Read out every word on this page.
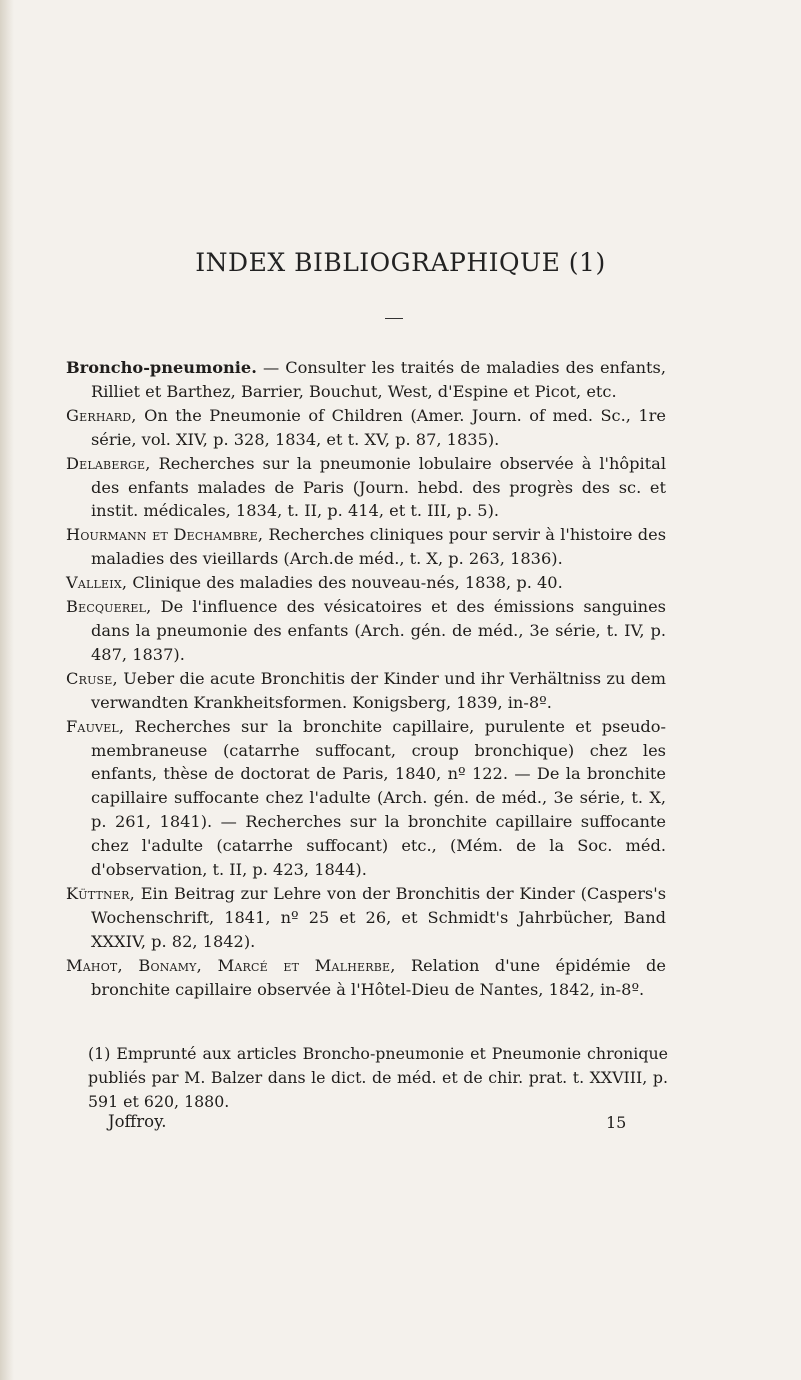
INDEX BIBLIOGRAPHIQUE (1)

Broncho-pneumonie. — Consulter les traités de maladies des enfants, Rilliet et Barthez, Barrier, Bouchut, West, d'Espine et Picot, etc.

Gerhard, On the Pneumonie of Children (Amer. Journ. of med. Sc., 1re série, vol. XIV, p. 328, 1834, et t. XV, p. 87, 1835).

Delaberge, Recherches sur la pneumonie lobulaire observée à l'hôpital des enfants malades de Paris (Journ. hebd. des progrès des sc. et instit. médicales, 1834, t. II, p. 414, et t. III, p. 5).

Hourmann et Dechambre, Recherches cliniques pour servir à l'histoire des maladies des vieillards (Arch.de méd., t. X, p. 263, 1836).

Valleix, Clinique des maladies des nouveau-nés, 1838, p. 40.

Becquerel, De l'influence des vésicatoires et des émissions sanguines dans la pneumonie des enfants (Arch. gén. de méd., 3e série, t. IV, p. 487, 1837).

Cruse, Ueber die acute Bronchitis der Kinder und ihr Verhältniss zu dem verwandten Krankheitsformen. Konigsberg, 1839, in-8º.

Fauvel, Recherches sur la bronchite capillaire, purulente et pseudo-membraneuse (catarrhe suffocant, croup bronchique) chez les enfants, thèse de doctorat de Paris, 1840, nº 122. — De la bronchite capillaire suffocante chez l'adulte (Arch. gén. de méd., 3e série, t. X, p. 261, 1841). — Recherches sur la bronchite capillaire suffocante chez l'adulte (catarrhe suffocant) etc., (Mém. de la Soc. méd. d'observation, t. II, p. 423, 1844).

Küttner, Ein Beitrag zur Lehre von der Bronchitis der Kinder (Caspers's Wochenschrift, 1841, nº 25 et 26, et Schmidt's Jahrbücher, Band XXXIV, p. 82, 1842).

Mahot, Bonamy, Marcé et Malherbe, Relation d'une épidémie de bronchite capillaire observée à l'Hôtel-Dieu de Nantes, 1842, in-8º.

(1) Emprunté aux articles Broncho-pneumonie et Pneumonie chronique publiés par M. Balzer dans le dict. de méd. et de chir. prat. t. XXVIII, p. 591 et 620, 1880.

Joffroy.	15
